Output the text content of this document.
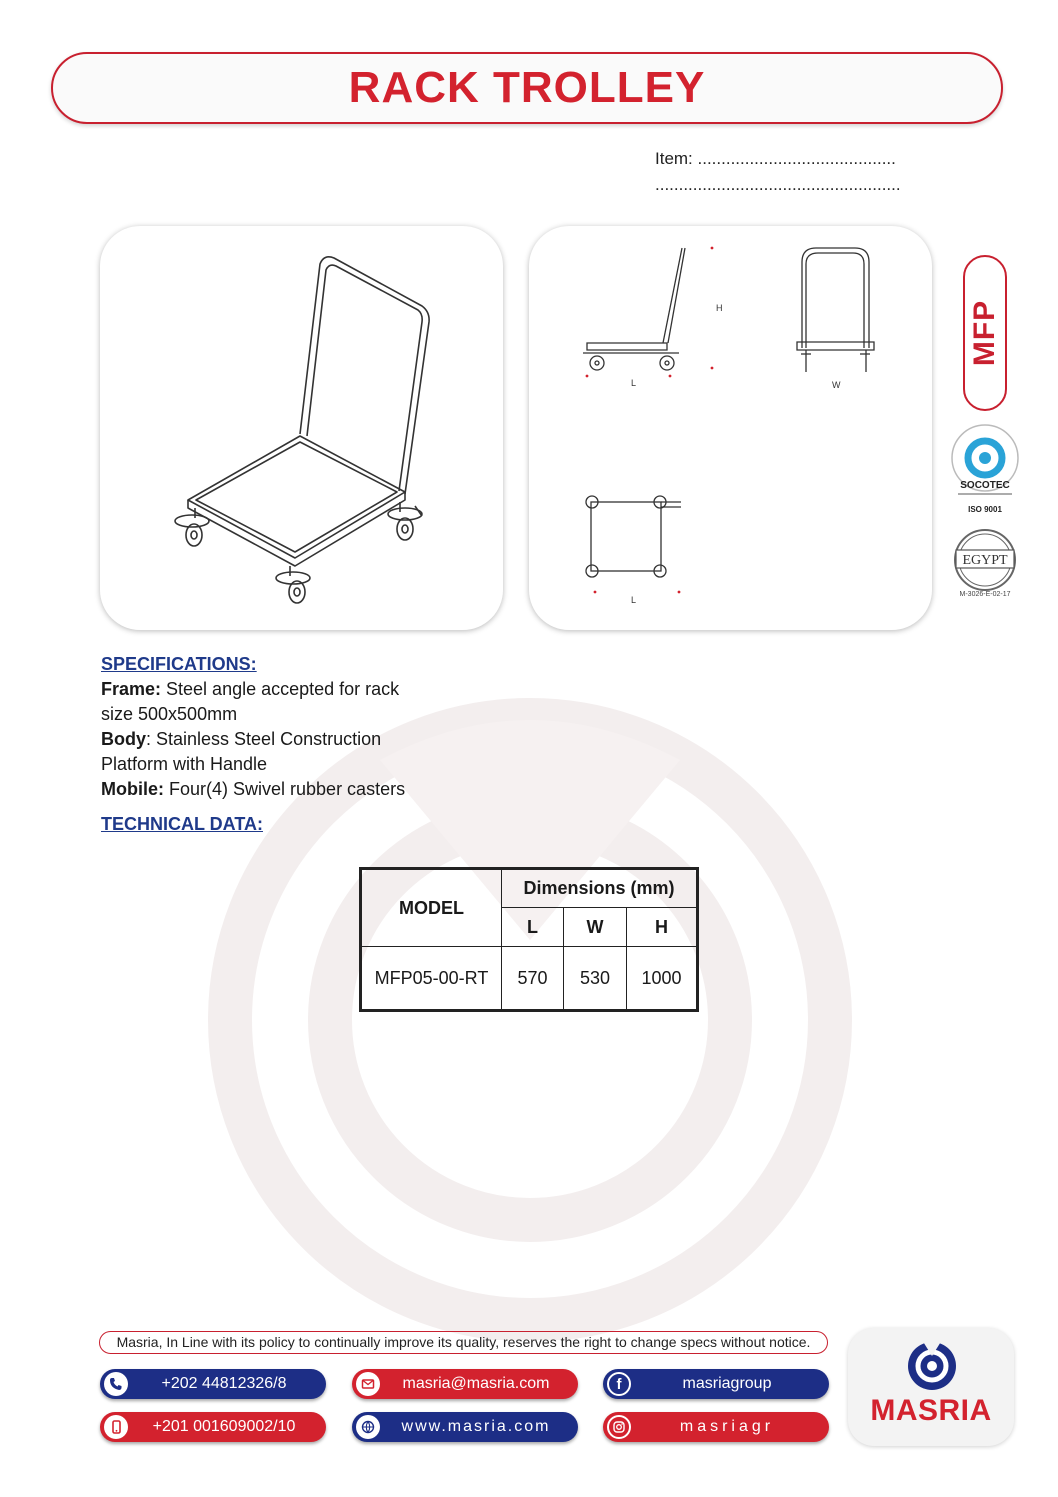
RACK TROLLEY
Item: ..........................................
....................................................
H
L	W
L
MFP
SOCOTEC
ISO 9001
EGYPT
M-3026-E-02-17
SPECIFICATIONS:
Frame: Steel angle accepted for rack
size 500x500mm
Body: Stainless Steel Construction
Platform with Handle
Mobile: Four(4) Swivel rubber casters
TECHNICAL DATA:
MODEL	Dimensions (mm)		
	L	W	H
MFP05-00-RT	570	530	1000
Masria, In Line with its policy to continually improve its quality, reserves the right to change specs without notice.
+202 44812326/8
+201 001609002/10
masria@masria.com
www.masria.com
f	masriagroup
masriagr	MASRIA
